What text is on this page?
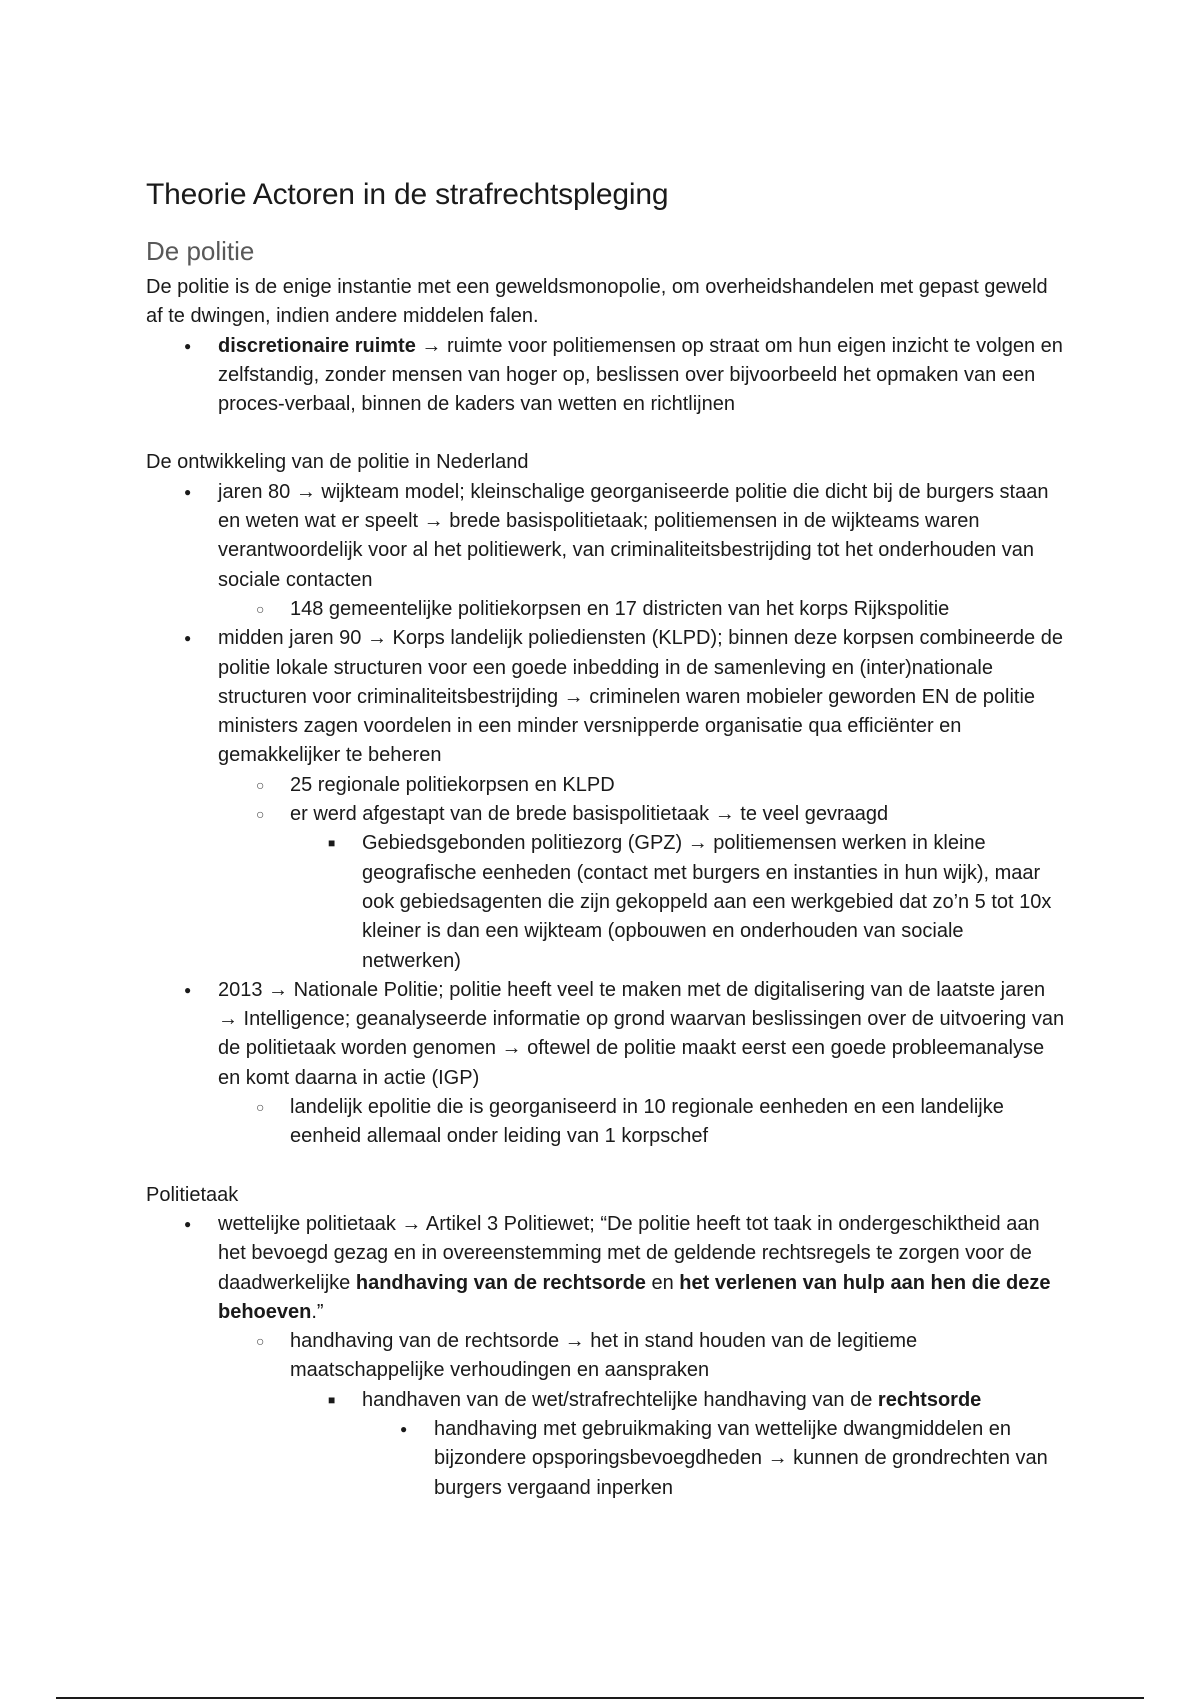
Theorie Actoren in de strafrechtspleging
De politie

De politie is de enige instantie met een geweldsmonopolie, om overheidshandelen met gepast geweld af te dwingen, indien andere middelen falen.

● discretionaire ruimte → ruimte voor politiemensen op straat om hun eigen inzicht te volgen en zelfstandig, zonder mensen van hoger op, beslissen over bijvoorbeeld het opmaken van een proces-verbaal, binnen de kaders van wetten en richtlijnen

De ontwikkeling van de politie in Nederland

● jaren 80 → wijkteam model; kleinschalige georganiseerde politie die dicht bij de burgers staan en weten wat er speelt → brede basispolitietaak; politiemensen in de wijkteams waren verantwoordelijk voor al het politiewerk, van criminaliteitsbestrijding tot het onderhouden van sociale contacten
○ 148 gemeentelijke politiekorpsen en 17 districten van het korps Rijkspolitie
● midden jaren 90 → Korps landelijk poliediensten (KLPD); binnen deze korpsen combineerde de politie lokale structuren voor een goede inbedding in de samenleving en (inter)nationale structuren voor criminaliteitsbestrijding → criminelen waren mobieler geworden EN de politie ministers zagen voordelen in een minder versnipperde organisatie qua efficiënter en gemakkelijker te beheren
○ 25 regionale politiekorpsen en KLPD
○ er werd afgestapt van de brede basispolitietaak → te veel gevraagd
■ Gebiedsgebonden politiezorg (GPZ) → politiemensen werken in kleine geografische eenheden (contact met burgers en instanties in hun wijk), maar ook gebiedsagenten die zijn gekoppeld aan een werkgebied dat zo’n 5 tot 10x kleiner is dan een wijkteam (opbouwen en onderhouden van sociale netwerken)
● 2013 → Nationale Politie; politie heeft veel te maken met de digitalisering van de laatste jaren → Intelligence; geanalyseerde informatie op grond waarvan beslissingen over de uitvoering van de politietaak worden genomen → oftewel de politie maakt eerst een goede probleemanalyse en komt daarna in actie (IGP)
○ landelijk epolitie die is georganiseerd in 10 regionale eenheden en een landelijke eenheid allemaal onder leiding van 1 korpschef

Politietaak

● wettelijke politietaak → Artikel 3 Politiewet; “De politie heeft tot taak in ondergeschiktheid aan het bevoegd gezag en in overeenstemming met de geldende rechtsregels te zorgen voor de daadwerkelijke handhaving van de rechtsorde en het verlenen van hulp aan hen die deze behoeven.”
○ handhaving van de rechtsorde → het in stand houden van de legitieme maatschappelijke verhoudingen en aanspraken
■ handhaven van de wet/strafrechtelijke handhaving van de rechtsorde
● handhaving met gebruikmaking van wettelijke dwangmiddelen en bijzondere opsporingsbevoegdheden → kunnen de grondrechten van burgers vergaand inperken
